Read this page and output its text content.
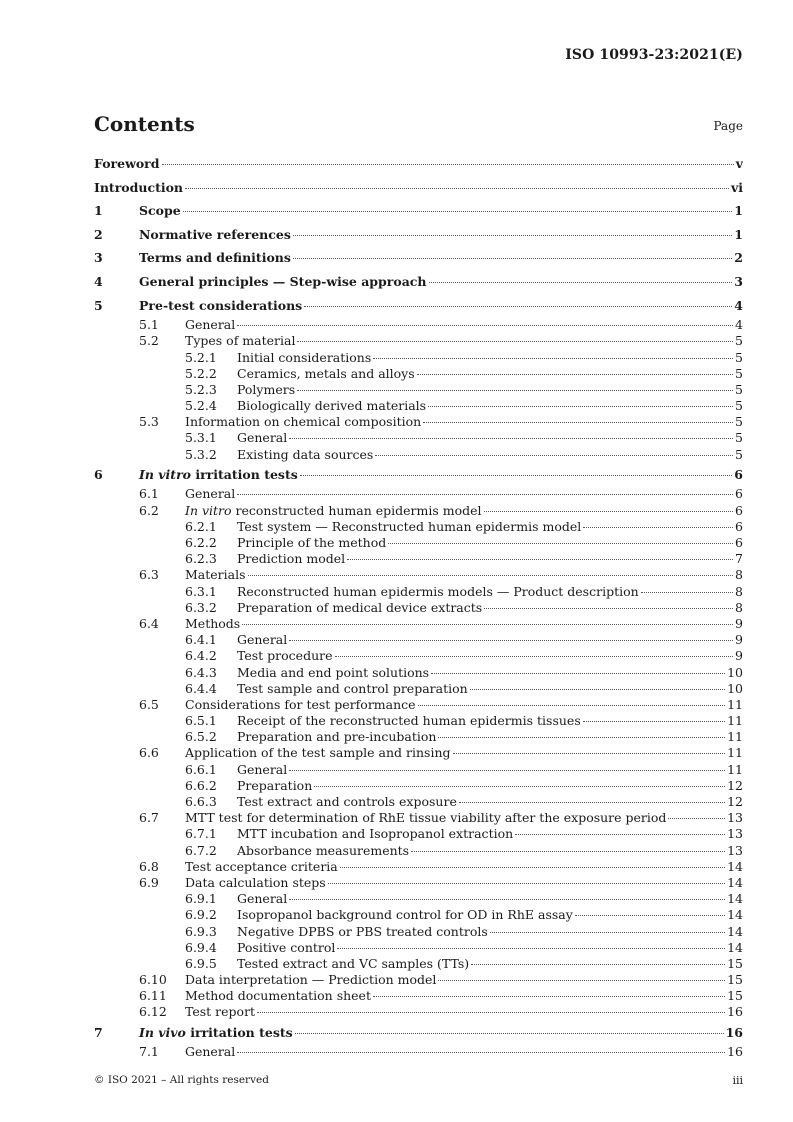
ISO 10993-23:2021(E)
Contents	Page
Foreword	v
Introduction	vi
1	Scope	1
2	Normative references	1
3	Terms and definitions	2
4	General principles — Step-wise approach	3
5	Pre-test considerations	4
5.1	General	4
5.2	Types of material	5
5.2.1	Initial considerations	5
5.2.2	Ceramics, metals and alloys	5
5.2.3	Polymers	5
5.2.4	Biologically derived materials	5
5.3	Information on chemical composition	5
5.3.1	General	5
5.3.2	Existing data sources	5
6	In vitro irritation tests	6
6.1	General	6
6.2	In vitro reconstructed human epidermis model	6
6.2.1	Test system — Reconstructed human epidermis model	6
6.2.2	Principle of the method	6
6.2.3	Prediction model	7
6.3	Materials	8
6.3.1	Reconstructed human epidermis models — Product description	8
6.3.2	Preparation of medical device extracts	8
6.4	Methods	9
6.4.1	General	9
6.4.2	Test procedure	9
6.4.3	Media and end point solutions	10
6.4.4	Test sample and control preparation	10
6.5	Considerations for test performance	11
6.5.1	Receipt of the reconstructed human epidermis tissues	11
6.5.2	Preparation and pre-incubation	11
6.6	Application of the test sample and rinsing	11
6.6.1	General	11
6.6.2	Preparation	12
6.6.3	Test extract and controls exposure	12
6.7	MTT test for determination of RhE tissue viability after the exposure period	13
6.7.1	MTT incubation and Isopropanol extraction	13
6.7.2	Absorbance measurements	13
6.8	Test acceptance criteria	14
6.9	Data calculation steps	14
6.9.1	General	14
6.9.2	Isopropanol background control for OD in RhE assay	14
6.9.3	Negative DPBS or PBS treated controls	14
6.9.4	Positive control	14
6.9.5	Tested extract and VC samples (TTs)	15
6.10	Data interpretation — Prediction model	15
6.11	Method documentation sheet	15
6.12	Test report	16
7	In vivo irritation tests	16
7.1	General	16
© ISO 2021 – All rights reserved	iii
